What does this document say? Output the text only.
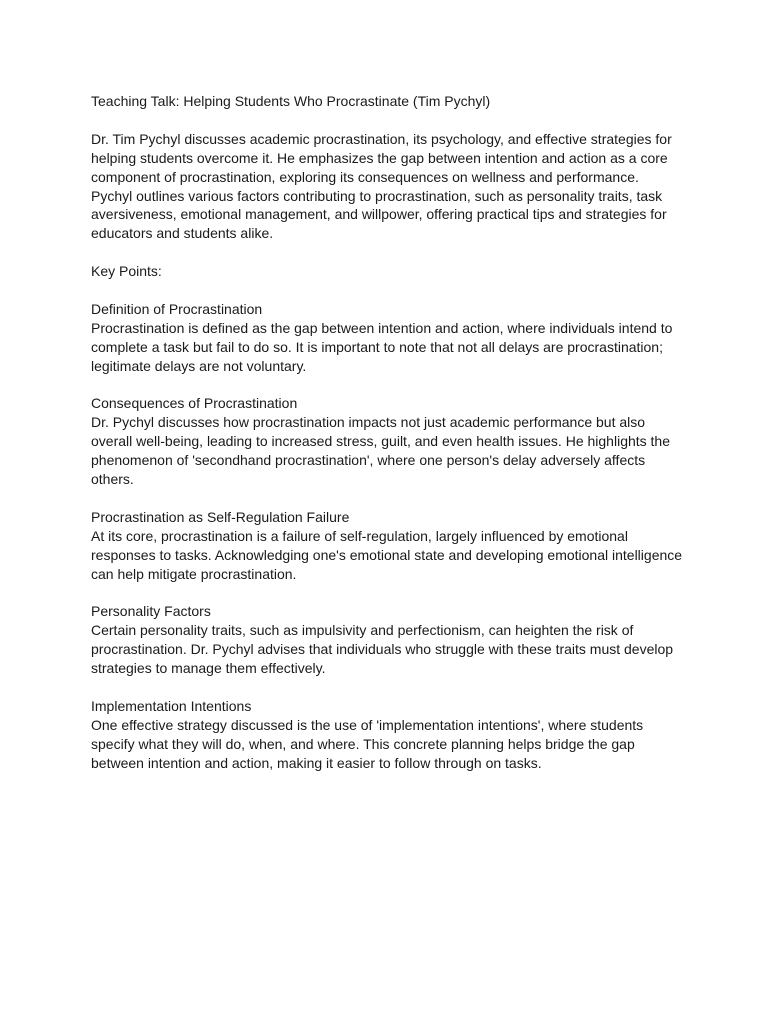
Teaching Talk: Helping Students Who Procrastinate (Tim Pychyl)

Dr. Tim Pychyl discusses academic procrastination, its psychology, and effective strategies for helping students overcome it. He emphasizes the gap between intention and action as a core component of procrastination, exploring its consequences on wellness and performance. Pychyl outlines various factors contributing to procrastination, such as personality traits, task aversiveness, emotional management, and willpower, offering practical tips and strategies for educators and students alike.

Key Points:

Definition of Procrastination

Procrastination is defined as the gap between intention and action, where individuals intend to complete a task but fail to do so. It is important to note that not all delays are procrastination; legitimate delays are not voluntary.

Consequences of Procrastination

Dr. Pychyl discusses how procrastination impacts not just academic performance but also overall well-being, leading to increased stress, guilt, and even health issues. He highlights the phenomenon of 'secondhand procrastination', where one person's delay adversely affects others.

Procrastination as Self-Regulation Failure

At its core, procrastination is a failure of self-regulation, largely influenced by emotional responses to tasks. Acknowledging one's emotional state and developing emotional intelligence can help mitigate procrastination.

Personality Factors

Certain personality traits, such as impulsivity and perfectionism, can heighten the risk of procrastination. Dr. Pychyl advises that individuals who struggle with these traits must develop strategies to manage them effectively.

Implementation Intentions

One effective strategy discussed is the use of 'implementation intentions', where students specify what they will do, when, and where. This concrete planning helps bridge the gap between intention and action, making it easier to follow through on tasks.
